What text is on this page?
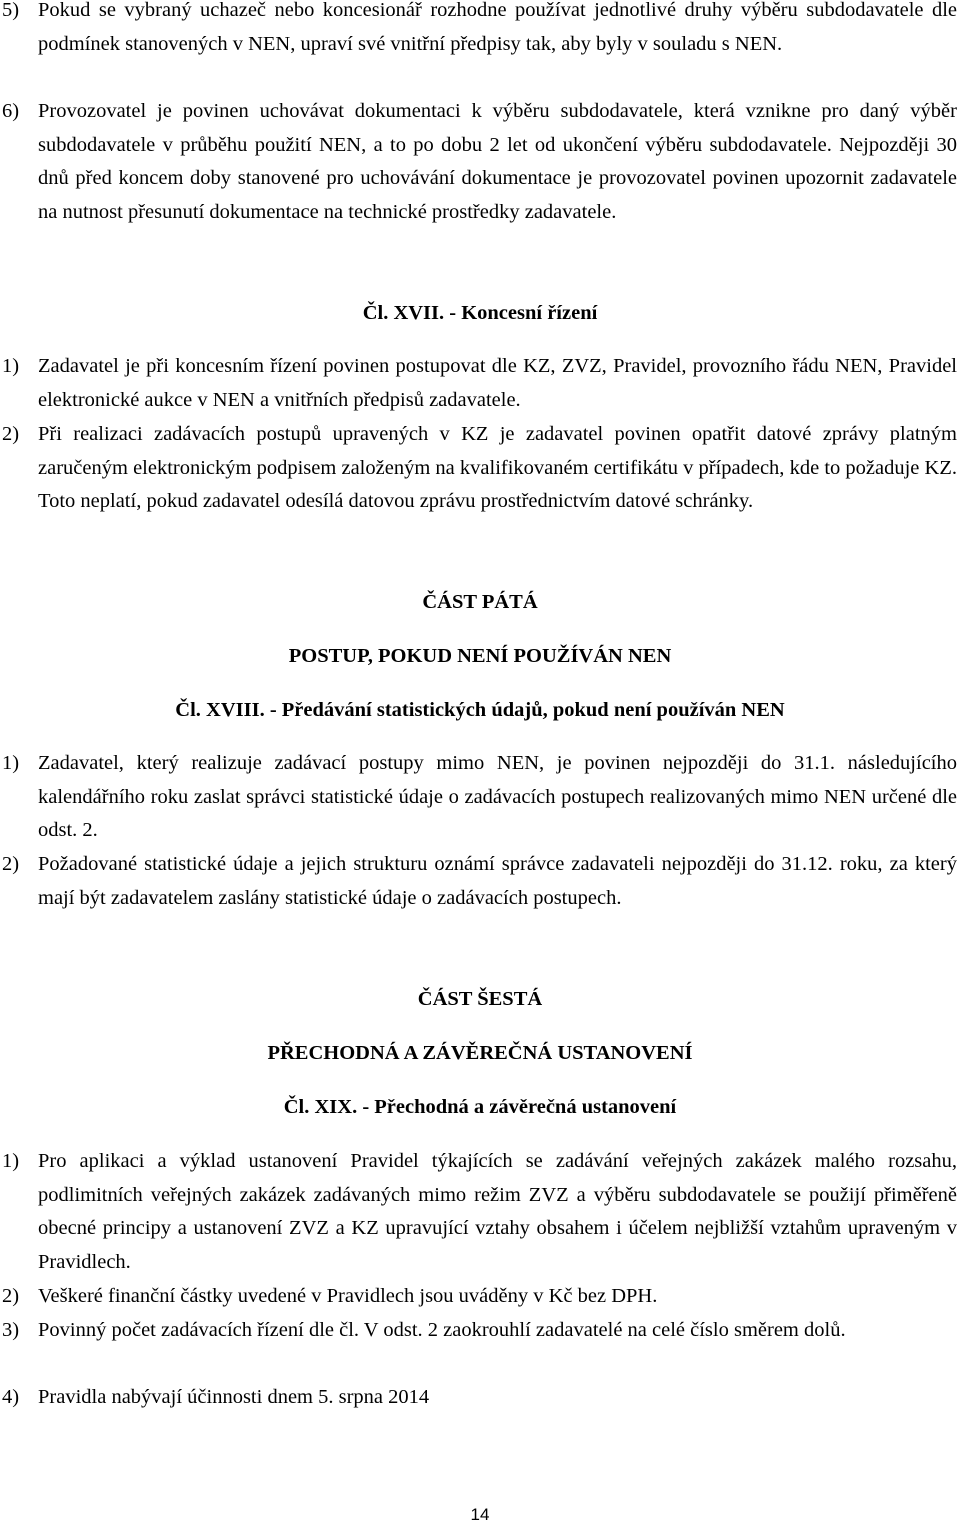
5) Pokud se vybraný uchazeč nebo koncesionář rozhodne používat jednotlivé druhy výběru subdodavatele dle podmínek stanovených v NEN, upraví své vnitřní předpisy tak, aby byly v souladu s NEN.
6) Provozovatel je povinen uchovávat dokumentaci k výběru subdodavatele, která vznikne pro daný výběr subdodavatele v průběhu použití NEN, a to po dobu 2 let od ukončení výběru subdodavatele. Nejpozději 30 dnů před koncem doby stanovené pro uchovávání dokumentace je provozovatel povinen upozornit zadavatele na nutnost přesunutí dokumentace na technické prostředky zadavatele.
Čl. XVII. - Koncesní řízení
1) Zadavatel je při koncesním řízení povinen postupovat dle KZ, ZVZ, Pravidel, provozního řádu NEN, Pravidel elektronické aukce v NEN a vnitřních předpisů zadavatele.
2) Při realizaci zadávacích postupů upravených v KZ je zadavatel povinen opatřit datové zprávy platným zaručeným elektronickým podpisem založeným na kvalifikovaném certifikátu v případech, kde to požaduje KZ. Toto neplatí, pokud zadavatel odesílá datovou zprávu prostřednictvím datové schránky.
ČÁST PÁTÁ
POSTUP, POKUD NENÍ POUŽÍVÁN NEN
Čl. XVIII. - Předávání statistických údajů, pokud není používán NEN
1) Zadavatel, který realizuje zadávací postupy mimo NEN, je povinen nejpozději do 31.1. následujícího kalendářního roku zaslat správci statistické údaje o zadávacích postupech realizovaných mimo NEN určené dle odst. 2.
2) Požadované statistické údaje a jejich strukturu oznámí správce zadavateli nejpozději do 31.12. roku, za který mají být zadavatelem zaslány statistické údaje o zadávacích postupech.
ČÁST ŠESTÁ
PŘECHODNÁ A ZÁVĚREČNÁ USTANOVENÍ
Čl. XIX. - Přechodná a závěrečná ustanovení
1) Pro aplikaci a výklad ustanovení Pravidel týkajících se zadávání veřejných zakázek malého rozsahu, podlimitních veřejných zakázek zadávaných mimo režim ZVZ a výběru subdodavatele se použijí přiměřeně obecné principy a ustanovení ZVZ a KZ upravující vztahy obsahem i účelem nejbližší vztahům upraveným v Pravidlech.
2) Veškeré finanční částky uvedené v Pravidlech jsou uváděny v Kč bez DPH.
3) Povinný počet zadávacích řízení dle čl. V odst. 2 zaokrouhlí zadavatelé na celé číslo směrem dolů.
4) Pravidla nabývají účinnosti dnem 5. srpna 2014
14
